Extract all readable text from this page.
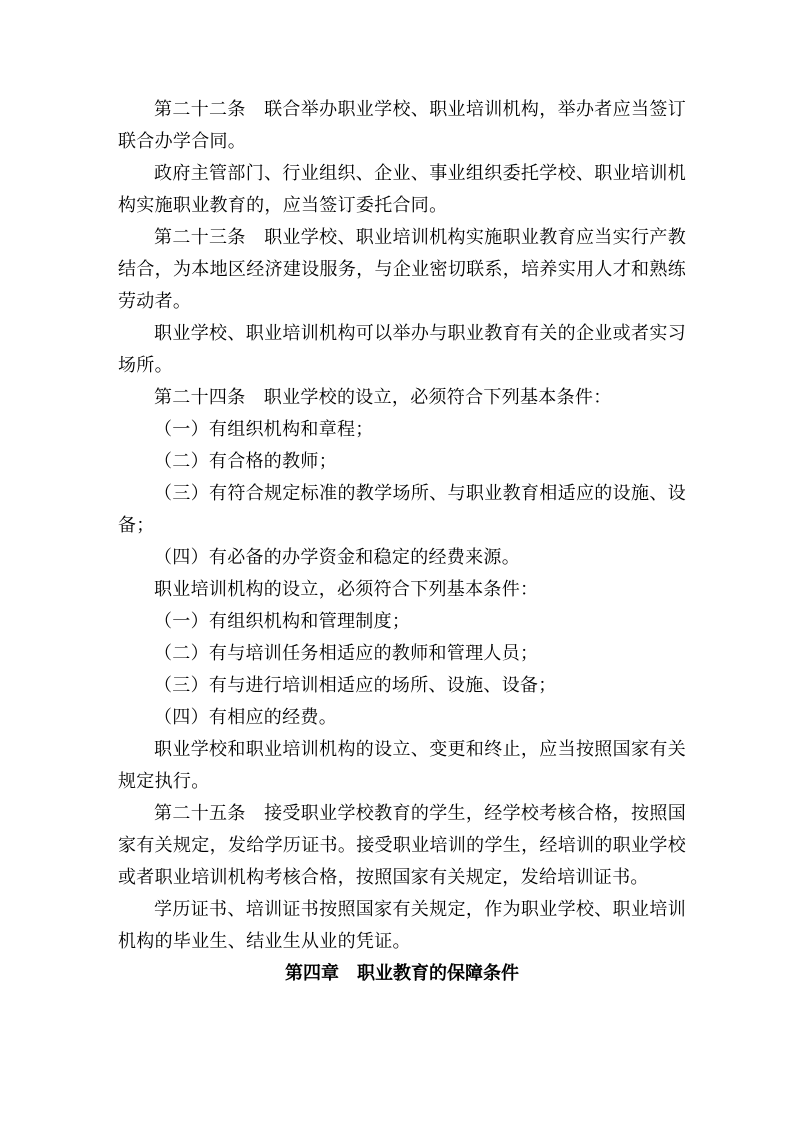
第二十二条　联合举办职业学校、职业培训机构，举办者应当签订联合办学合同。

政府主管部门、行业组织、企业、事业组织委托学校、职业培训机构实施职业教育的，应当签订委托合同。

第二十三条　职业学校、职业培训机构实施职业教育应当实行产教结合，为本地区经济建设服务，与企业密切联系，培养实用人才和熟练劳动者。

职业学校、职业培训机构可以举办与职业教育有关的企业或者实习场所。

第二十四条　职业学校的设立，必须符合下列基本条件：

（一）有组织机构和章程；

（二）有合格的教师；

（三）有符合规定标准的教学场所、与职业教育相适应的设施、设备；

（四）有必备的办学资金和稳定的经费来源。

职业培训机构的设立，必须符合下列基本条件：

（一）有组织机构和管理制度；

（二）有与培训任务相适应的教师和管理人员；

（三）有与进行培训相适应的场所、设施、设备；

（四）有相应的经费。

职业学校和职业培训机构的设立、变更和终止，应当按照国家有关规定执行。

第二十五条　接受职业学校教育的学生，经学校考核合格，按照国家有关规定，发给学历证书。接受职业培训的学生，经培训的职业学校或者职业培训机构考核合格，按照国家有关规定，发给培训证书。

学历证书、培训证书按照国家有关规定，作为职业学校、职业培训机构的毕业生、结业生从业的凭证。

第四章　职业教育的保障条件
